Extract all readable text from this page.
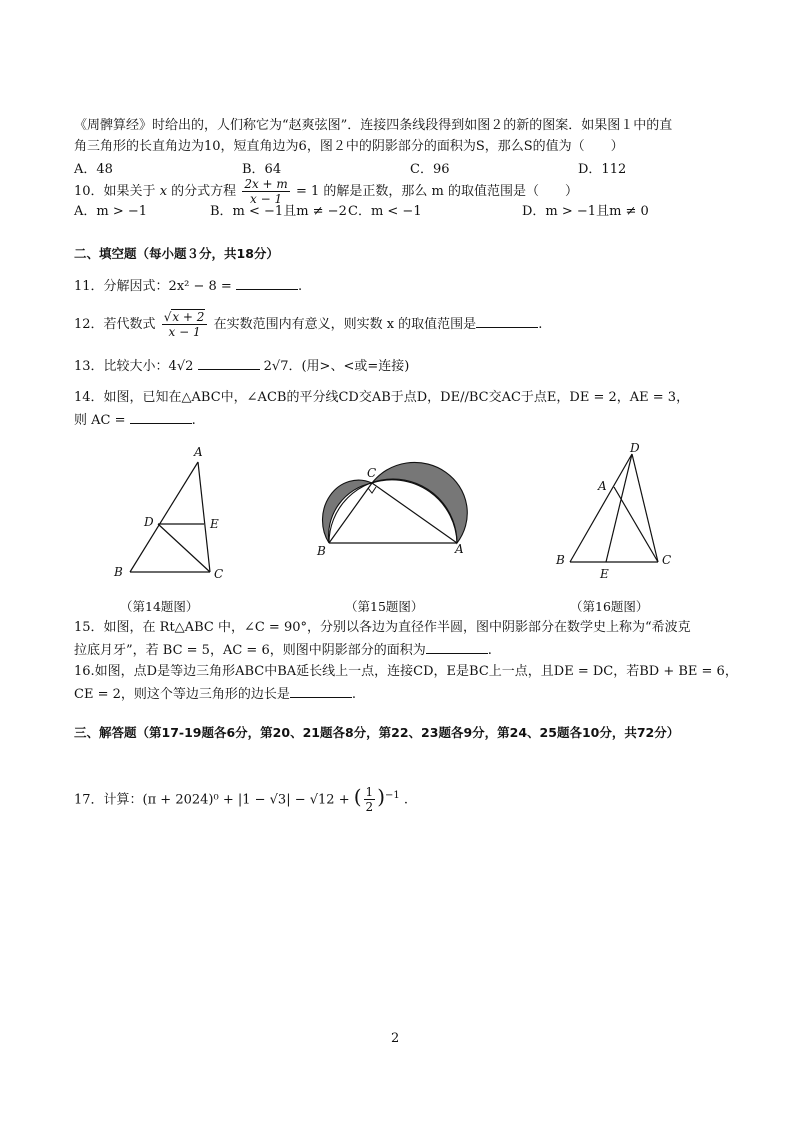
《周髀算经》时给出的，人们称它为“赵爽弦图”．连接四条线段得到如图２的新的图案．如果图１中的直
角三角形的长直角边为10，短直角边为6，图２中的阴影部分的面积为S，那么S的值为（　　）
A．48	B．64	C．96	D．112
10．如果关于 x 的分式方程 $\frac{2x + m}{x - 1} = 1$ 的解是正数，那么 m 的取值范围是（　　）
A．m > −1	B．m < −1且m ≠ −2 C．m < −1	D．m > −1且m ≠ 0
二、填空题（每小题３分，共18分）
11．分解因式：2x² − 8 =	.
12．若代数式 $\frac{√x + 2}{x - 1}$ 在实数范围内有意义，则实数 x 的取值范围是	.
13．比较大小：4√2	2√7．(用>、<或=连接)
14．如图，已知在△ABC中，∠ACB的平分线CD交AB于点D，DE//BC交AC于点E，DE = 2，AE = 3，
则 AC =	.
A
D	E
B	C
（第14题图）
C
B	A
（第15题图）
D
A
B	C
E
（第16题图）
15．如图，在 Rt△ABC 中，∠C = 90°，分别以各边为直径作半圆，图中阴影部分在数学史上称为“希波克
拉底月牙”，若 BC = 5，AC = 6，则图中阴影部分的面积为	.
16.如图，点D是等边三角形ABC中BA延长线上一点，连接CD，E是BC上一点，且DE = DC，若BD + BE = 6，
CE = 2，则这个等边三角形的边长是	.
三、解答题（第17-19题各6分，第20、21题各8分，第22、23题各9分，第24、25题各10分，共72分）
17．计算：(π + 2024)⁰ + |1 − √3| − √12 + ( $\frac{1}{2} )^{-1}$ .
2
